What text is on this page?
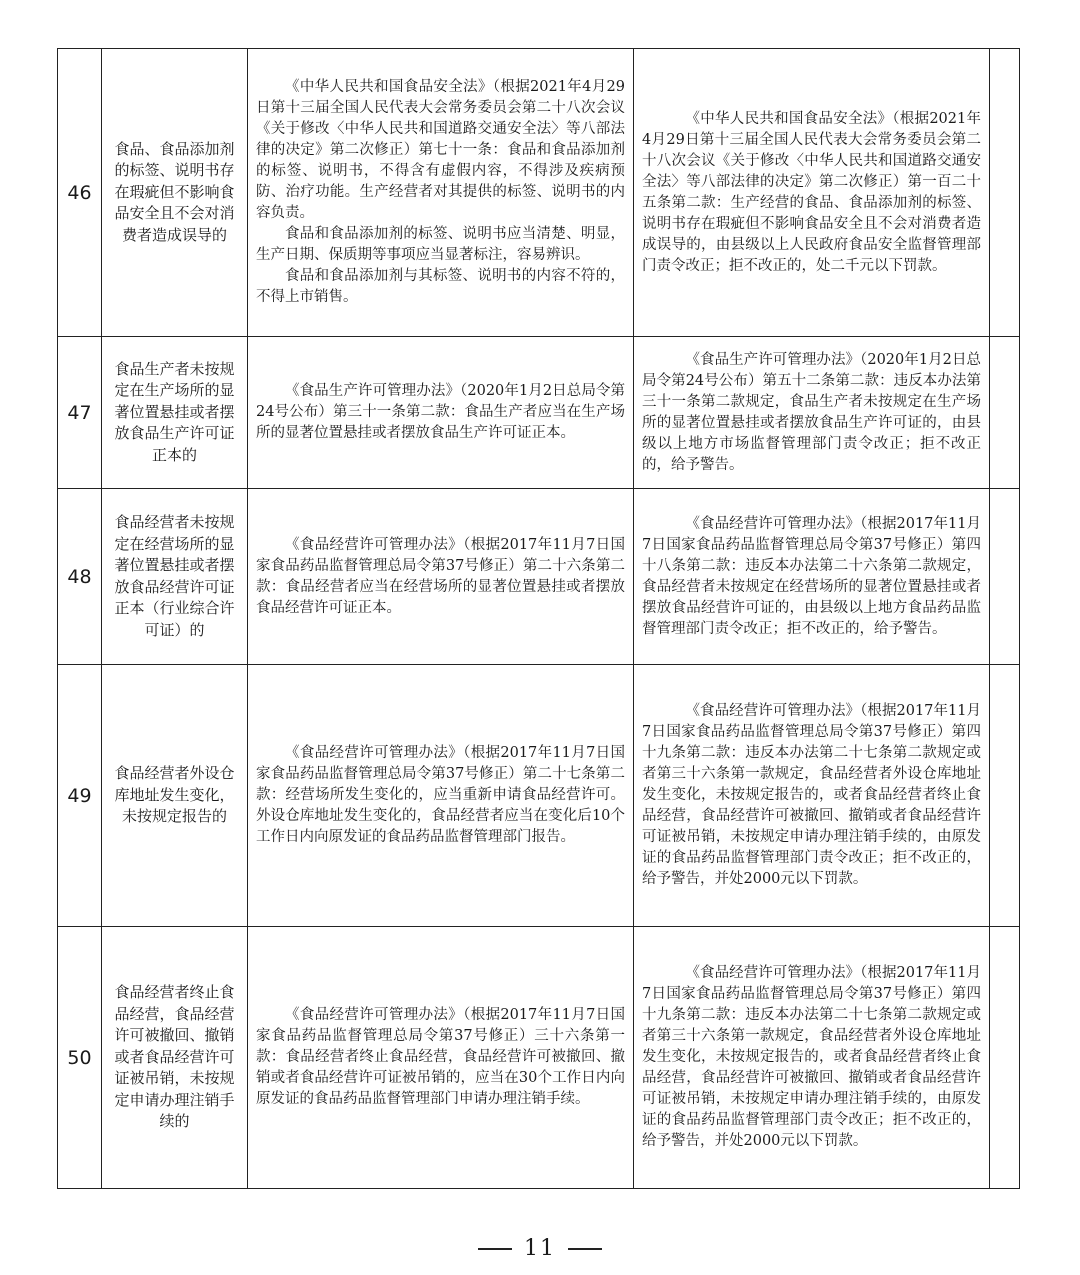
46	食品、食品添加剂的标签、说明书存在瑕疵但不影响食品安全且不会对消费者造成误导的	《中华人民共和国食品安全法》（根据2021年4月29日第十三届全国人民代表大会常务委员会第二十八次会议《关于修改〈中华人民共和国道路交通安全法〉等八部法律的决定》第二次修正）第七十一条：食品和食品添加剂的标签、说明书，不得含有虚假内容，不得涉及疾病预防、治疗功能。生产经营者对其提供的标签、说明书的内容负责。

食品和食品添加剂的标签、说明书应当清楚、明显，生产日期、保质期等事项应当显著标注，容易辨识。

食品和食品添加剂与其标签、说明书的内容不符的，不得上市销售。	《中华人民共和国食品安全法》（根据2021年4月29日第十三届全国人民代表大会常务委员会第二十八次会议《关于修改〈中华人民共和国道路交通安全法〉等八部法律的决定》第二次修正）第一百二十五条第二款：生产经营的食品、食品添加剂的标签、说明书存在瑕疵但不影响食品安全且不会对消费者造成误导的，由县级以上人民政府食品安全监督管理部门责令改正；拒不改正的，处二千元以下罚款。	

47	食品生产者未按规定在生产场所的显著位置悬挂或者摆放食品生产许可证正本的	《食品生产许可管理办法》（2020年1月2日总局令第24号公布）第三十一条第二款：食品生产者应当在生产场所的显著位置悬挂或者摆放食品生产许可证正本。	《食品生产许可管理办法》（2020年1月2日总局令第24号公布）第五十二条第二款：违反本办法第三十一条第二款规定，食品生产者未按规定在生产场所的显著位置悬挂或者摆放食品生产许可证的，由县级以上地方市场监督管理部门责令改正；拒不改正的，给予警告。	

48	食品经营者未按规定在经营场所的显著位置悬挂或者摆放食品经营许可证正本（行业综合许可证）的	《食品经营许可管理办法》（根据2017年11月7日国家食品药品监督管理总局令第37号修正）第二十六条第二款：食品经营者应当在经营场所的显著位置悬挂或者摆放食品经营许可证正本。	《食品经营许可管理办法》（根据2017年11月7日国家食品药品监督管理总局令第37号修正）第四十八条第二款：违反本办法第二十六条第二款规定，食品经营者未按规定在经营场所的显著位置悬挂或者摆放食品经营许可证的，由县级以上地方食品药品监督管理部门责令改正；拒不改正的，给予警告。	

49	食品经营者外设仓库地址发生变化，未按规定报告的	《食品经营许可管理办法》（根据2017年11月7日国家食品药品监督管理总局令第37号修正）第二十七条第二款：经营场所发生变化的，应当重新申请食品经营许可。外设仓库地址发生变化的，食品经营者应当在变化后10个工作日内向原发证的食品药品监督管理部门报告。	《食品经营许可管理办法》（根据2017年11月7日国家食品药品监督管理总局令第37号修正）第四十九条第二款：违反本办法第二十七条第二款规定或者第三十六条第一款规定，食品经营者外设仓库地址发生变化，未按规定报告的，或者食品经营者终止食品经营，食品经营许可被撤回、撤销或者食品经营许可证被吊销，未按规定申请办理注销手续的，由原发证的食品药品监督管理部门责令改正；拒不改正的，给予警告，并处2000元以下罚款。	

50	食品经营者终止食品经营，食品经营许可被撤回、撤销或者食品经营许可证被吊销，未按规定申请办理注销手续的	《食品经营许可管理办法》（根据2017年11月7日国家食品药品监督管理总局令第37号修正）三十六条第一款：食品经营者终止食品经营，食品经营许可被撤回、撤销或者食品经营许可证被吊销的，应当在30个工作日内向原发证的食品药品监督管理部门申请办理注销手续。	《食品经营许可管理办法》（根据2017年11月7日国家食品药品监督管理总局令第37号修正）第四十九条第二款：违反本办法第二十七条第二款规定或者第三十六条第一款规定，食品经营者外设仓库地址发生变化，未按规定报告的，或者食品经营者终止食品经营，食品经营许可被撤回、撤销或者食品经营许可证被吊销，未按规定申请办理注销手续的，由原发证的食品药品监督管理部门责令改正；拒不改正的，给予警告，并处2000元以下罚款。	

11
